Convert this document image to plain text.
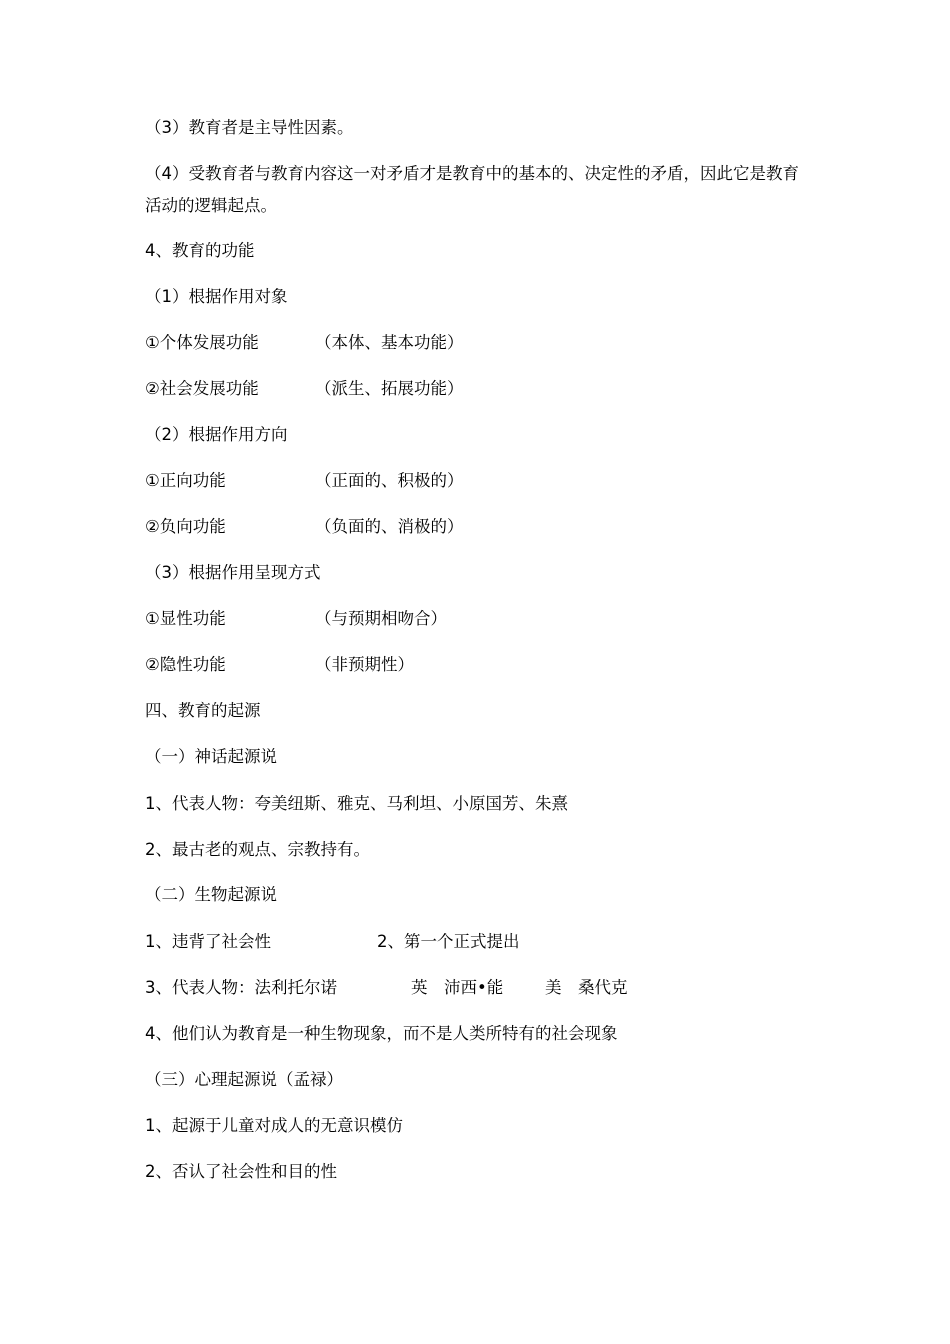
（3）教育者是主导性因素。
（4）受教育者与教育内容这一对矛盾才是教育中的基本的、决定性的矛盾，因此它是教育活动的逻辑起点。
4、教育的功能
（1）根据作用对象
①个体发展功能	（本体、基本功能）
②社会发展功能	（派生、拓展功能）
（2）根据作用方向
①正向功能	（正面的、积极的）
②负向功能	（负面的、消极的）
（3）根据作用呈现方式
①显性功能	（与预期相吻合）
②隐性功能	（非预期性）
四、教育的起源
（一）神话起源说
1、代表人物：夸美纽斯、雅克、马利坦、小原国芳、朱熹
2、最古老的观点、宗教持有。
（二）生物起源说
1、违背了社会性	2、第一个正式提出
3、代表人物：法利托尔诺	英　沛西•能	美　桑代克
4、他们认为教育是一种生物现象，而不是人类所特有的社会现象
（三）心理起源说（孟禄）
1、起源于儿童对成人的无意识模仿
2、否认了社会性和目的性
